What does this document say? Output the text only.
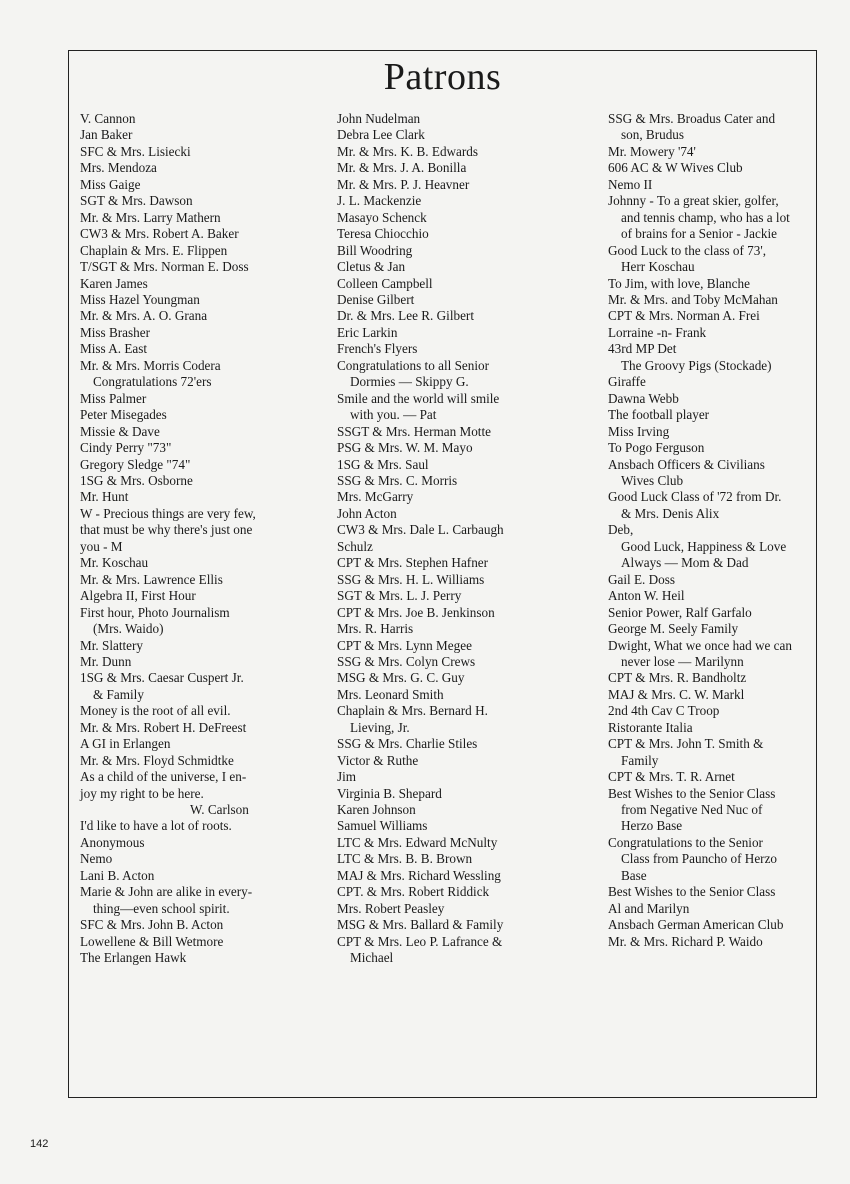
Patrons
V. Cannon
Jan Baker
SFC & Mrs. Lisiecki
Mrs. Mendoza
Miss Gaige
SGT & Mrs. Dawson
Mr. & Mrs. Larry Mathern
CW3 & Mrs. Robert A. Baker
Chaplain & Mrs. E. Flippen
T/SGT & Mrs. Norman E. Doss
Karen James
Miss Hazel Youngman
Mr. & Mrs. A. O. Grana
Miss Brasher
Miss A. East
Mr. & Mrs. Morris Codera
Congratulations 72'ers
Miss Palmer
Peter Misegades
Missie & Dave
Cindy Perry "73"
Gregory Sledge "74"
1SG & Mrs. Osborne
Mr. Hunt
W - Precious things are very few,
that must be why there's just one
you - M
Mr. Koschau
Mr. & Mrs. Lawrence Ellis
Algebra II, First Hour
First hour, Photo Journalism
(Mrs. Waido)
Mr. Slattery
Mr. Dunn
1SG & Mrs. Caesar Cuspert Jr.
& Family
Money is the root of all evil.
Mr. & Mrs. Robert H. DeFreest
A GI in Erlangen
Mr. & Mrs. Floyd Schmidtke
As a child of the universe, I en-
joy my right to be here.
W. Carlson
I'd like to have a lot of roots.
Anonymous
Nemo
Lani B. Acton
Marie & John are alike in every-
thing—even school spirit.
SFC & Mrs. John B. Acton
Lowellene & Bill Wetmore
The Erlangen Hawk
John Nudelman
Debra Lee Clark
Mr. & Mrs. K. B. Edwards
Mr. & Mrs. J. A. Bonilla
Mr. & Mrs. P. J. Heavner
J. L. Mackenzie
Masayo Schenck
Teresa Chiocchio
Bill Woodring
Cletus & Jan
Colleen Campbell
Denise Gilbert
Dr. & Mrs. Lee R. Gilbert
Eric Larkin
French's Flyers
Congratulations to all Senior
Dormies — Skippy G.
Smile and the world will smile
with you. — Pat
SSGT & Mrs. Herman Motte
PSG & Mrs. W. M. Mayo
1SG & Mrs. Saul
SSG & Mrs. C. Morris
Mrs. McGarry
John Acton
CW3 & Mrs. Dale L. Carbaugh
Schulz
CPT & Mrs. Stephen Hafner
SSG & Mrs. H. L. Williams
SGT & Mrs. L. J. Perry
CPT & Mrs. Joe B. Jenkinson
Mrs. R. Harris
CPT & Mrs. Lynn Megee
SSG & Mrs. Colyn Crews
MSG & Mrs. G. C. Guy
Mrs. Leonard Smith
Chaplain & Mrs. Bernard H.
Lieving, Jr.
SSG & Mrs. Charlie Stiles
Victor & Ruthe
Jim
Virginia B. Shepard
Karen Johnson
Samuel Williams
LTC & Mrs. Edward McNulty
LTC & Mrs. B. B. Brown
MAJ & Mrs. Richard Wessling
CPT. & Mrs. Robert Riddick
Mrs. Robert Peasley
MSG & Mrs. Ballard & Family
CPT & Mrs. Leo P. Lafrance &
Michael
SSG & Mrs. Broadus Cater and
son, Brudus
Mr. Mowery '74'
606 AC & W Wives Club
Nemo II
Johnny - To a great skier, golfer,
and tennis champ, who has a lot
of brains for a Senior - Jackie
Good Luck to the class of 73',
Herr Koschau
To Jim, with love, Blanche
Mr. & Mrs. and Toby McMahan
CPT & Mrs. Norman A. Frei
Lorraine -n- Frank
43rd MP Det
The Groovy Pigs (Stockade)
Giraffe
Dawna Webb
The football player
Miss Irving
To Pogo Ferguson
Ansbach Officers & Civilians
Wives Club
Good Luck Class of '72 from Dr.
& Mrs. Denis Alix
Deb,
Good Luck, Happiness & Love
Always — Mom & Dad
Gail E. Doss
Anton W. Heil
Senior Power, Ralf Garfalo
George M. Seely Family
Dwight, What we once had we can
never lose — Marilynn
CPT & Mrs. R. Bandholtz
MAJ & Mrs. C. W. Markl
2nd 4th Cav C Troop
Ristorante Italia
CPT & Mrs. John T. Smith &
Family
CPT & Mrs. T. R. Arnet
Best Wishes to the Senior Class
from Negative Ned Nuc of
Herzo Base
Congratulations to the Senior
Class from Pauncho of Herzo
Base
Best Wishes to the Senior Class
Al and Marilyn
Ansbach German American Club
Mr. & Mrs. Richard P. Waido
142
